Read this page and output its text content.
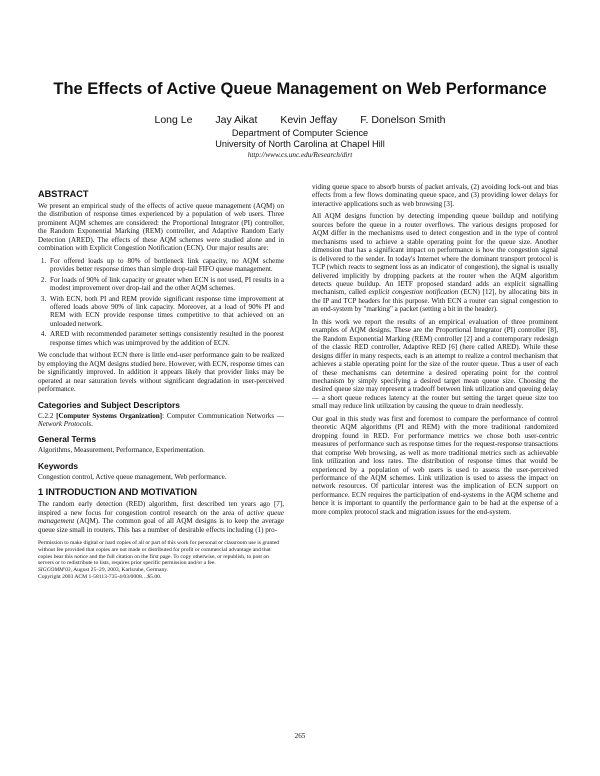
The Effects of Active Queue Management on Web Performance
Long Le Jay Aikat Kevin Jeffay F. Donelson Smith
Department of Computer Science
University of North Carolina at Chapel Hill
http://www.cs.unc.edu/Research/dirt
ABSTRACT

We present an empirical study of the effects of active queue management (AQM) on the distribution of response times experienced by a population of web users. Three prominent AQM schemes are considered: the Proportional Integrator (PI) controller, the Random Exponential Marking (REM) controller, and Adaptive Random Early Detection (ARED). The effects of these AQM schemes were studied alone and in combination with Explicit Congestion Notification (ECN). Our major results are:

1. For offered loads up to 80% of bottleneck link capacity, no AQM scheme provides better response times than simple drop-tail FIFO queue management.
2. For loads of 90% of link capacity or greater when ECN is not used, PI results in a modest improvement over drop-tail and the other AQM schemes.
3. With ECN, both PI and REM provide significant response time improvement at offered loads above 90% of link capacity. Moreover, at a load of 90% PI and REM with ECN provide response times competitive to that achieved on an unloaded network.
4. ARED with recommended parameter settings consistently resulted in the poorest response times which was unimproved by the addition of ECN.

We conclude that without ECN there is little end-user performance gain to be realized by employing the AQM designs studied here. However, with ECN, response times can be significantly improved. In addition it appears likely that provider links may be operated at near saturation levels without significant degradation in user-perceived performance.

Categories and Subject Descriptors

C.2.2 [Computer Systems Organization]: Computer Communication Networks — Network Protocols.

General Terms

Algorithms, Measurement, Performance, Experimentation.

Keywords

Congestion control, Active queue management, Web performance.

1 INTRODUCTION AND MOTIVATION

The random early detection (RED) algorithm, first described ten years ago [7], inspired a new focus for congestion control research on the area of active queue management (AQM). The common goal of all AQM designs is to keep the average queue size small in routers. This has a number of desirable effects including (1) pro-

Permission to make digital or hard copies of all or part of this work for personal or classroom use is granted without fee provided that copies are not made or distributed for profit or commercial advantage and that copies bear this notice and the full citation on the first page. To copy otherwise, or republish, to post on servers or to redistribute to lists, requires prior specific permission and/or a fee.

SIGCOMM'03, August 25–29, 2003, Karlsruhe, Germany.

Copyright 2003 ACM 1-58113-735-4/03/0008…$5.00.

viding queue space to absorb bursts of packet arrivals, (2) avoiding lock-out and bias effects from a few flows dominating queue space, and (3) providing lower delays for interactive applications such as web browsing [3].

All AQM designs function by detecting impending queue buildup and notifying sources before the queue in a router overflows. The various designs proposed for AQM differ in the mechanisms used to detect congestion and in the type of control mechanisms used to achieve a stable operating point for the queue size. Another dimension that has a significant impact on performance is how the congestion signal is delivered to the sender. In today's Internet where the dominant transport protocol is TCP (which reacts to segment loss as an indicator of congestion), the signal is usually delivered implicitly by dropping packets at the router when the AQM algorithm detects queue buildup. An IETF proposed standard adds an explicit signalling mechanism, called explicit congestion notification (ECN) [12], by allocating bits in the IP and TCP headers for this purpose. With ECN a router can signal congestion to an end-system by "marking" a packet (setting a bit in the header).

In this work we report the results of an empirical evaluation of three prominent examples of AQM designs. These are the Proportional Integrator (PI) controller [8], the Random Exponential Marking (REM) controller [2] and a contemporary redesign of the classic RED controller, Adaptive RED [6] (here called ARED). While these designs differ in many respects, each is an attempt to realize a control mechanism that achieves a stable operating point for the size of the router queue. Thus a user of each of these mechanisms can determine a desired operating point for the control mechanism by simply specifying a desired target mean queue size. Choosing the desired queue size may represent a tradeoff between link utilization and queuing delay — a short queue reduces latency at the router but setting the target queue size too small may reduce link utilization by causing the queue to drain needlessly.

Our goal in this study was first and foremost to compare the performance of control theoretic AQM algorithms (PI and REM) with the more traditional randomized dropping found in RED. For performance metrics we chose both user-centric measures of performance such as response times for the request-response transactions that comprise Web browsing, as well as more traditional metrics such as achievable link utilization and loss rates. The distribution of response times that would be experienced by a population of web users is used to assess the user-perceived performance of the AQM schemes. Link utilization is used to assess the impact on network resources. Of particular interest was the implication of ECN support on performance. ECN requires the participation of end-systems in the AQM scheme and hence it is important to quantify the performance gain to be had at the expense of a more complex protocol stack and migration issues for the end-system.

265
